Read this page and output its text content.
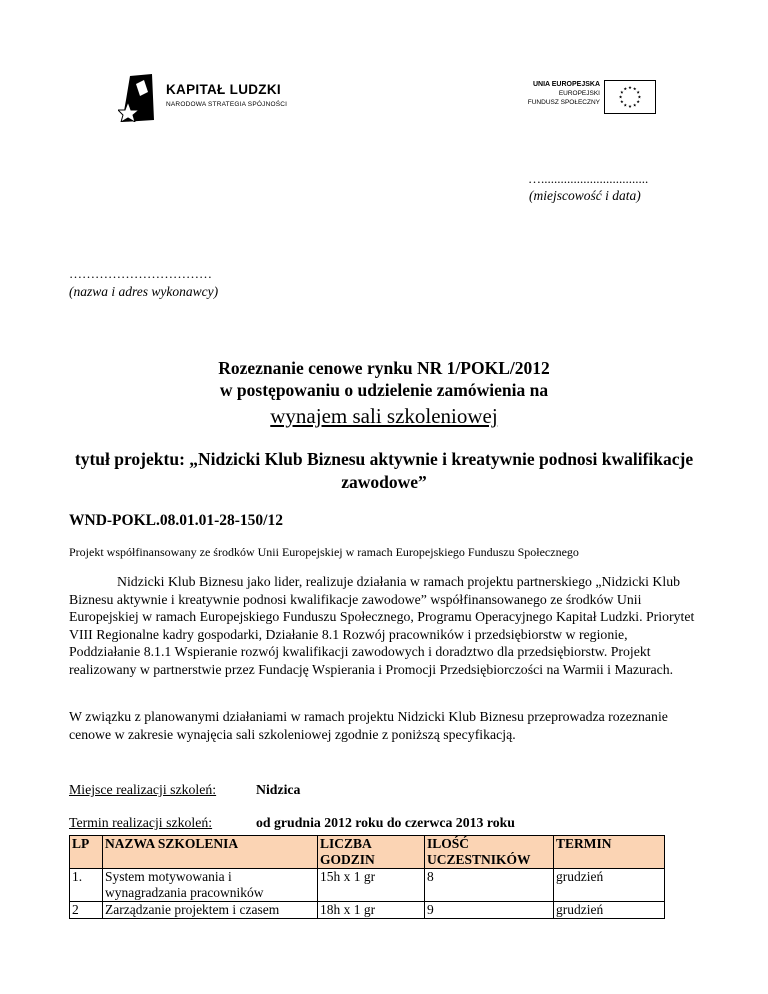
KAPITAŁ LUDZKI
NARODOWA STRATEGIA SPÓJNOŚCI
UNIA EUROPEJSKA
EUROPEJSKI
FUNDUSZ SPOŁECZNY
….................................
(miejscowość i data)
……………………………
(nazwa i adres wykonawcy)
Rozeznanie cenowe rynku NR 1/POKL/2012
w postępowaniu o udzielenie zamówienia na
wynajem sali szkoleniowej
tytuł projektu: „Nidzicki Klub Biznesu aktywnie i kreatywnie podnosi kwalifikacje zawodowe”
WND-POKL.08.01.01-28-150/12
Projekt współfinansowany ze środków Unii Europejskiej w ramach Europejskiego Funduszu Społecznego
Nidzicki Klub Biznesu jako lider, realizuje działania w ramach projektu partnerskiego „Nidzicki Klub Biznesu aktywnie i kreatywnie podnosi kwalifikacje zawodowe” współfinansowanego ze środków Unii Europejskiej w ramach Europejskiego Funduszu Społecznego, Programu Operacyjnego Kapitał Ludzki. Priorytet VIII Regionalne kadry gospodarki, Działanie 8.1 Rozwój pracowników i przedsiębiorstw w regionie, Poddziałanie 8.1.1 Wspieranie rozwój kwalifikacji zawodowych i doradztwo dla przedsiębiorstw. Projekt realizowany w partnerstwie przez Fundację Wspierania i Promocji Przedsiębiorczości na Warmii i Mazurach.
W związku z planowanymi działaniami w ramach projektu Nidzicki Klub Biznesu przeprowadza rozeznanie cenowe w zakresie wynajęcia sali szkoleniowej zgodnie z poniższą specyfikacją.
Miejsce realizacji szkoleń:	Nidzica
Termin realizacji szkoleń:	od grudnia 2012 roku do czerwca 2013 roku
LP	NAZWA SZKOLENIA	LICZBA GODZIN	ILOŚĆ UCZESTNIKÓW	TERMIN
1.	System motywowania i wynagradzania pracowników	15h x 1 gr	8	grudzień
2	Zarządzanie projektem i czasem	18h x 1 gr	9	grudzień
